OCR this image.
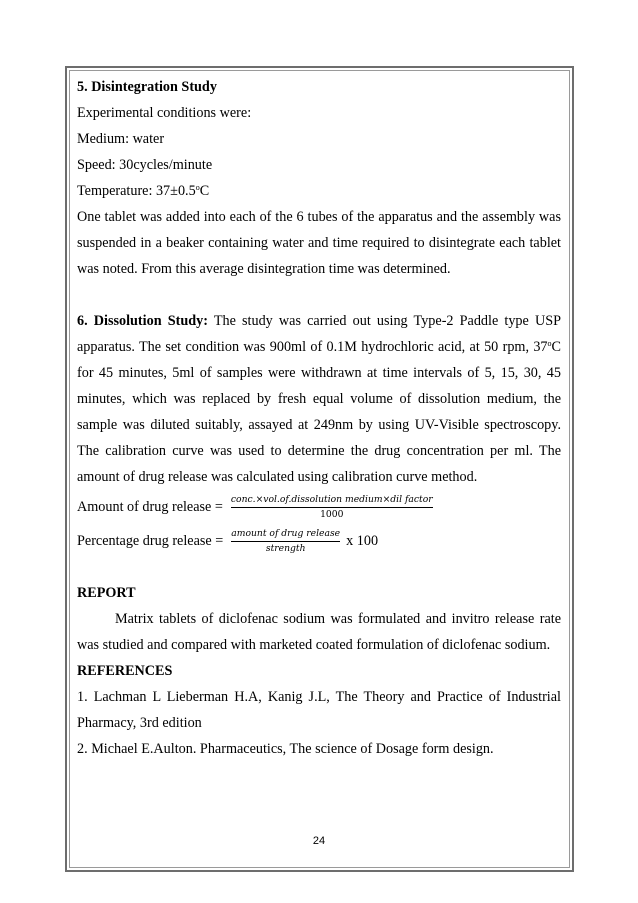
5. Disintegration Study

Experimental conditions were:

Medium: water

Speed: 30cycles/minute

Temperature: $37\pm 0.5^oC$

One tablet was added into each of the 6 tubes of the apparatus and the assembly was suspended in a beaker containing water and time required to disintegrate each tablet was noted. From this average disintegration time was determined.

6. Dissolution Study: The study was carried out using Type-2 Paddle type USP apparatus. The set condition was 900ml of 0.1M hydrochloric acid, at 50 rpm, 37$^o$C for 45 minutes, 5ml of samples were withdrawn at time intervals of 5, 15, 30, 45 minutes, which was replaced by fresh equal volume of dissolution medium, the sample was diluted suitably, assayed at 249nm by using UV-Visible spectroscopy. The calibration curve was used to determine the drug concentration per ml. The amount of drug release was calculated using calibration curve method.

Amount of drug release = $\frac{\text{conc.×vol.of.dissolution medium×dil factor}}{1000}$
Percentage drug release = $\frac{\text{amount of drug release}}{\text{strength}}$ x 100

REPORT

Matrix tablets of diclofenac sodium was formulated and invitro release rate was studied and compared with marketed coated formulation of diclofenac sodium.

REFERENCES

1. Lachman L Lieberman H.A, Kanig J.L, The Theory and Practice of Industrial Pharmacy, 3rd edition

2. Michael E.Aulton. Pharmaceutics, The science of Dosage form design.

24
